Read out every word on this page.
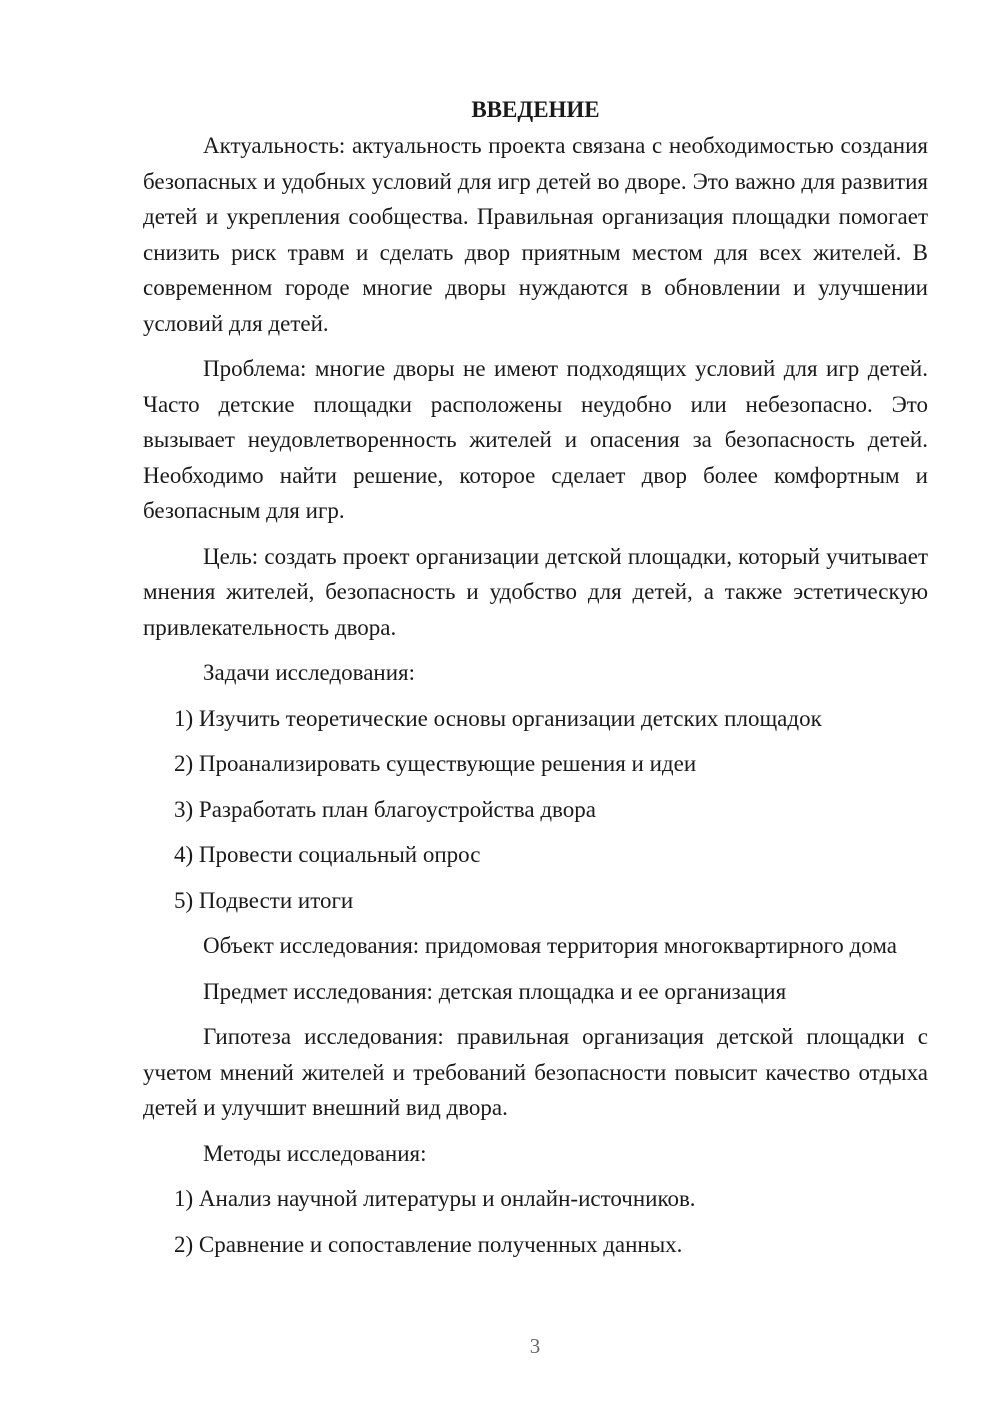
ВВЕДЕНИЕ

Актуальность: актуальность проекта связана с необходимостью создания безопасных и удобных условий для игр детей во дворе. Это важно для развития детей и укрепления сообщества. Правильная организация площадки помогает снизить риск травм и сделать двор приятным местом для всех жителей. В современном городе многие дворы нуждаются в обновлении и улучшении условий для детей.

Проблема: многие дворы не имеют подходящих условий для игр детей. Часто детские площадки расположены неудобно или небезопасно. Это вызывает неудовлетворенность жителей и опасения за безопасность детей. Необходимо найти решение, которое сделает двор более комфортным и безопасным для игр.

Цель: создать проект организации детской площадки, который учитывает мнения жителей, безопасность и удобство для детей, а также эстетическую привлекательность двора.

Задачи исследования:

1) Изучить теоретические основы организации детских площадок

2) Проанализировать существующие решения и идеи

3) Разработать план благоустройства двора

4) Провести социальный опрос

5) Подвести итоги

Объект исследования: придомовая территория многоквартирного дома

Предмет исследования: детская площадка и ее организация

Гипотеза исследования: правильная организация детской площадки с учетом мнений жителей и требований безопасности повысит качество отдыха детей и улучшит внешний вид двора.

Методы исследования:

1) Анализ научной литературы и онлайн-источников.

2) Сравнение и сопоставление полученных данных.

3
